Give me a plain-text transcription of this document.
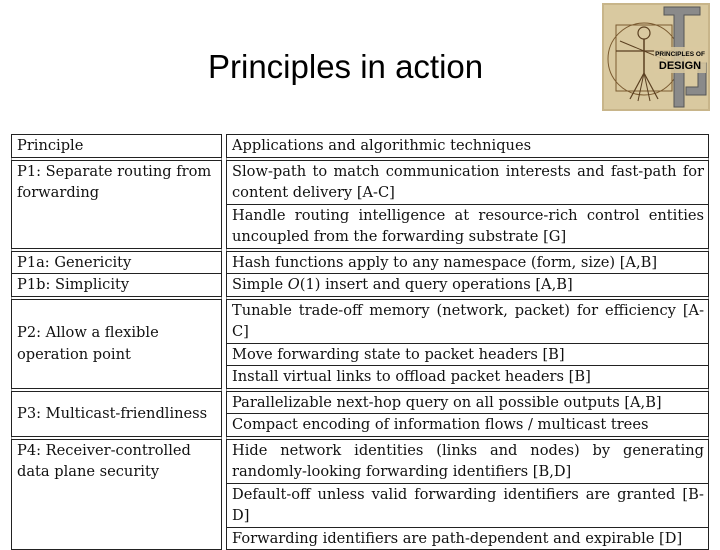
Principles in action	PRINCIPLES OF
DESIGN
Principle		Applications and algorithmic techniques
P1: Separate routing from forwarding		Slow-path to match communication interests and fast-path for content delivery [A-C]
		Handle routing intelligence at resource-rich control entities uncoupled from the forwarding substrate [G]
P1a: Genericity		Hash functions apply to any namespace (form, size) [A,B]
P1b: Simplicity		Simple O(1) insert and query operations [A,B]
P2: Allow a flexible operation point		Tunable trade-off memory (network, packet) for efficiency [A-C]
		Move forwarding state to packet headers [B]
		Install virtual links to offload packet headers [B]
P3: Multicast-friendliness		Parallelizable next-hop query on all possible outputs [A,B]
		Compact encoding of information flows / multicast trees
P4: Receiver-controlled data plane security		Hide network identities (links and nodes) by generating randomly-looking forwarding identifiers [B,D]
		Default-off unless valid forwarding identifiers are granted [B-D]
		Forwarding identifiers are path-dependent and expirable [D]
